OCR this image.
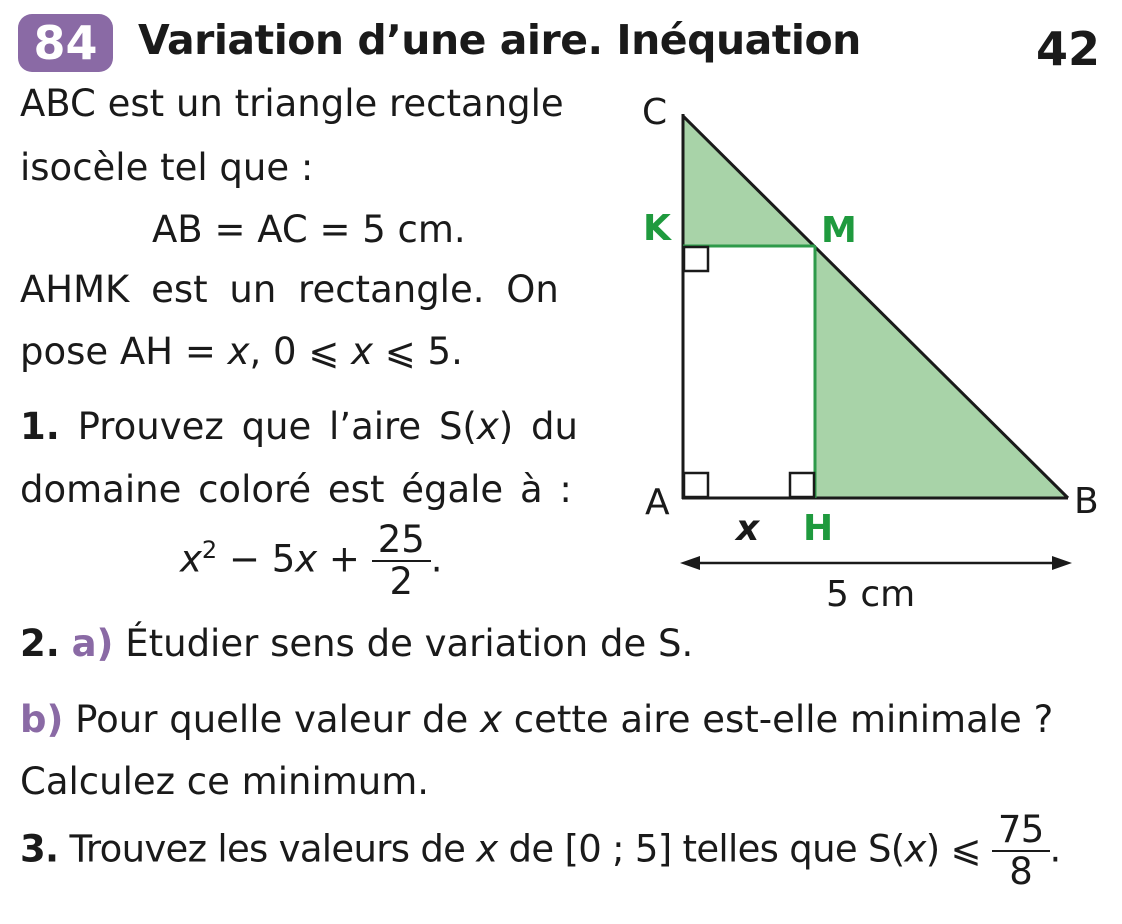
84 Variation d’une aire. Inéquation	42
ABC est un triangle rectangle
isocèle tel que :
AB = AC = 5 cm.
AHMK est un rectangle. On
pose AH = x, 0 ⩽ x ⩽ 5.
1. Prouvez que l’aire S(x) du
domaine coloré est égale à :
$x^2 - 5x + \frac{25}{2}$ .
2. a) Étudier sens de variation de S.
b) Pour quelle valeur de x cette aire est-elle minimale ?
Calculez ce minimum.
3. Trouvez les valeurs de x de [0 ; 5] telles que S(x) ⩽ $\frac{75}{8}$ .
C
K	M
A	B
x H
5 cm
